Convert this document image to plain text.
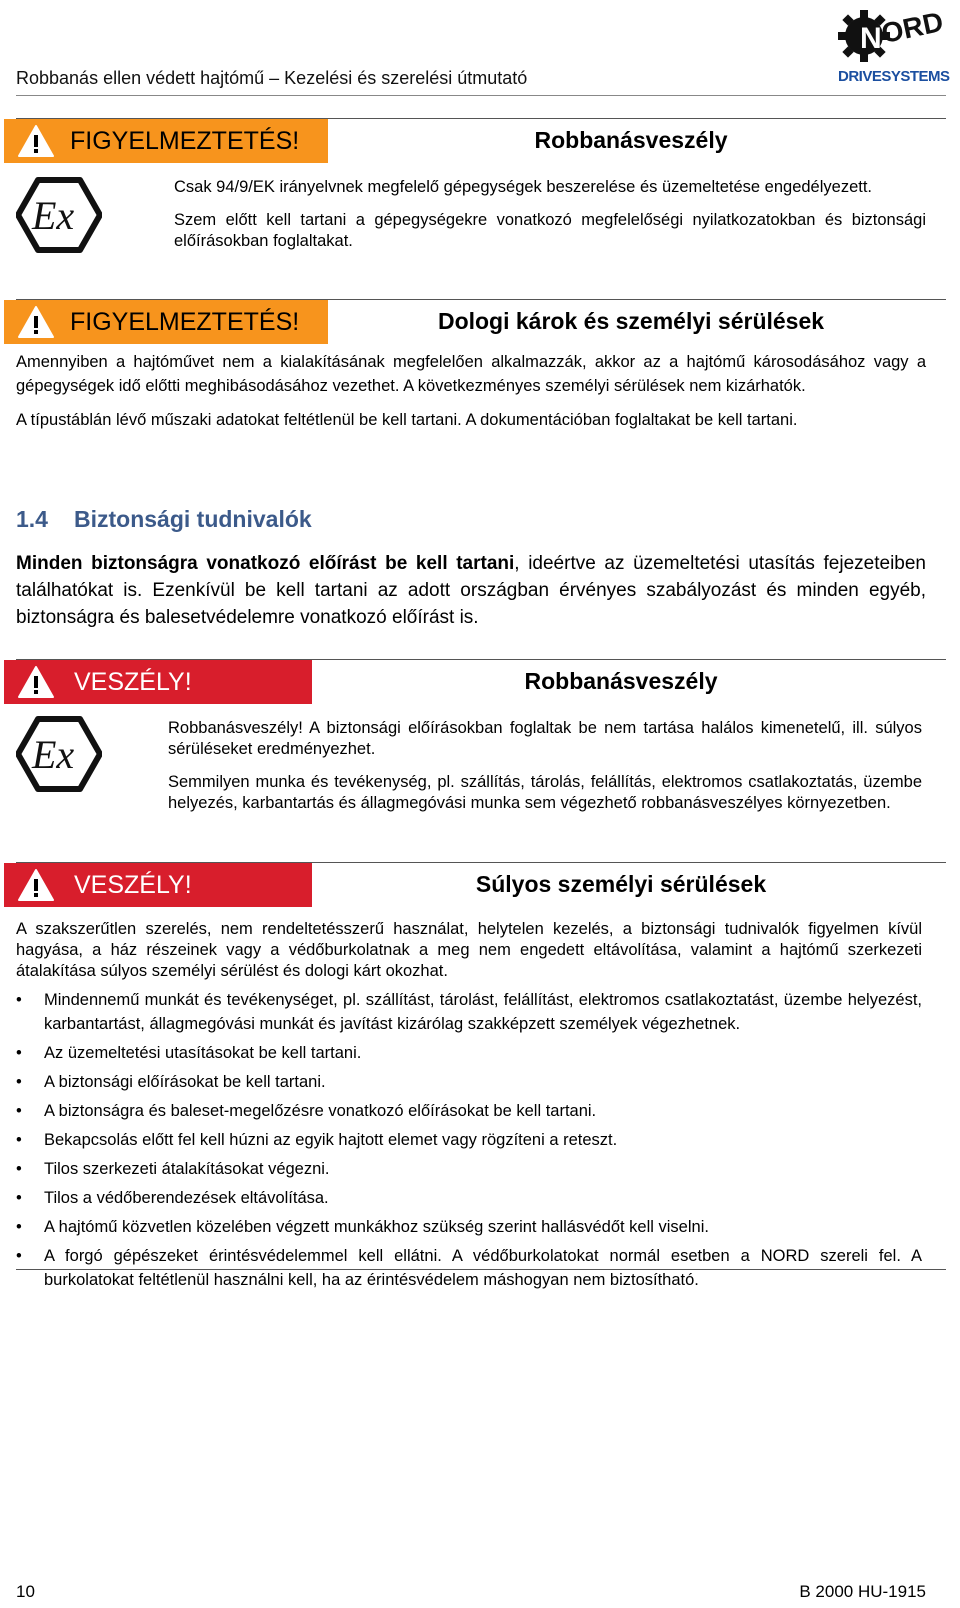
Robbanás ellen védett hajtómű – Kezelési és szerelési útmutató
N
ORD
DRIVESYSTEMS
FIGYELMEZTETÉS!	Robbanásveszély
Ex

Csak 94/9/EK irányelvnek megfelelő gépegységek beszerelése és üzemeltetése engedélyezett.

Szem előtt kell tartani a gépegységekre vonatkozó megfelelőségi nyilatkozatokban és biztonsági előírásokban foglaltakat.

FIGYELMEZTETÉS!	Dologi károk és személyi sérülések

Amennyiben a hajtóművet nem a kialakításának megfelelően alkalmazzák, akkor az a hajtómű károsodásához vagy a gépegységek idő előtti meghibásodásához vezethet. A következményes személyi sérülések nem kizárhatók.

A típustáblán lévő műszaki adatokat feltétlenül be kell tartani. A dokumentációban foglaltakat be kell tartani.

1.4 Biztonsági tudnivalók
Minden biztonságra vonatkozó előírást be kell tartani, ideértve az üzemeltetési utasítás fejezeteiben találhatókat is. Ezenkívül be kell tartani az adott országban érvényes szabályozást és minden egyéb, biztonságra és balesetvédelemre vonatkozó előírást is.
VESZÉLY!	Robbanásveszély
Ex

Robbanásveszély! A biztonsági előírásokban foglaltak be nem tartása halálos kimenetelű, ill. súlyos sérüléseket eredményezhet.

Semmilyen munka és tevékenység, pl. szállítás, tárolás, felállítás, elektromos csatlakoztatás, üzembe helyezés, karbantartás és állagmegóvási munka sem végezhető robbanásveszélyes környezetben.

VESZÉLY!	Súlyos személyi sérülések

A szakszerűtlen szerelés, nem rendeltetésszerű használat, helytelen kezelés, a biztonsági tudnivalók figyelmen kívül hagyása, a ház részeinek vagy a védőburkolatnak a meg nem engedett eltávolítása, valamint a hajtómű szerkezeti átalakítása súlyos személyi sérülést és dologi kárt okozhat.

• Mindennemű munkát és tevékenységet, pl. szállítást, tárolást, felállítást, elektromos csatlakoztatást, üzembe helyezést, karbantartást, állagmegóvási munkát és javítást kizárólag szakképzett személyek végezhetnek.
• Az üzemeltetési utasításokat be kell tartani.
• A biztonsági előírásokat be kell tartani.
• A biztonságra és baleset-megelőzésre vonatkozó előírásokat be kell tartani.
• Bekapcsolás előtt fel kell húzni az egyik hajtott elemet vagy rögzíteni a reteszt.
• Tilos szerkezeti átalakításokat végezni.
• Tilos a védőberendezések eltávolítása.
• A hajtómű közvetlen közelében végzett munkákhoz szükség szerint hallásvédőt kell viselni.
• A forgó gépészeket érintésvédelemmel kell ellátni. A védőburkolatokat normál esetben a NORD szereli fel. A burkolatokat feltétlenül használni kell, ha az érintésvédelem máshogyan nem biztosítható.
10	B 2000 HU-1915
